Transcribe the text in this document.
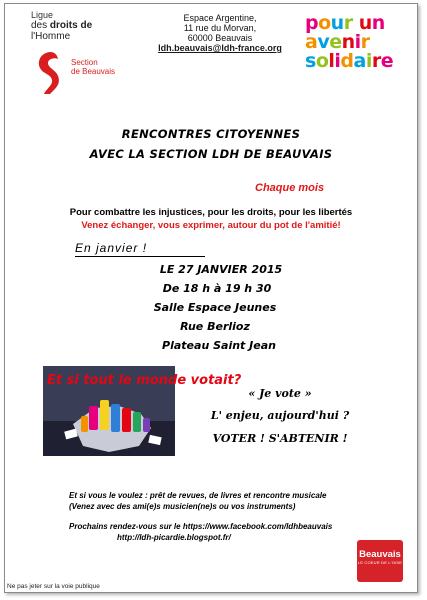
Ligue
des droits de
l'Homme
Section
de Beauvais
Espace Argentine,
11 rue du Morvan,
60000 Beauvais
ldh.beauvais@ldh-france.org
pour un
avenir
solidaire
RENCONTRES CITOYENNES
AVEC LA SECTION LDH DE BEAUVAIS
Chaque mois
Pour combattre les injustices, pour les droits, pour les libertés
Venez échanger, vous exprimer, autour du pot de l'amitié!
En janvier !
LE 27 JANVIER 2015
De 18 h à 19 h 30
Salle Espace Jeunes
Rue Berlioz
Plateau Saint Jean
Et si tout le monde votait?
« Je vote »
L' enjeu, aujourd'hui ?
VOTER ! S'ABTENIR !
Et si vous le voulez : prêt de revues, de livres et rencontre musicale
(Venez avec des ami(e)s musicien(ne)s ou vos instruments)
Prochains rendez-vous sur le https://www.facebook.com/ldhbeauvais
http://ldh-picardie.blogspot.fr/
Beauvais
LE COEUR DE L'OISE
Ne pas jeter sur la voie publique
